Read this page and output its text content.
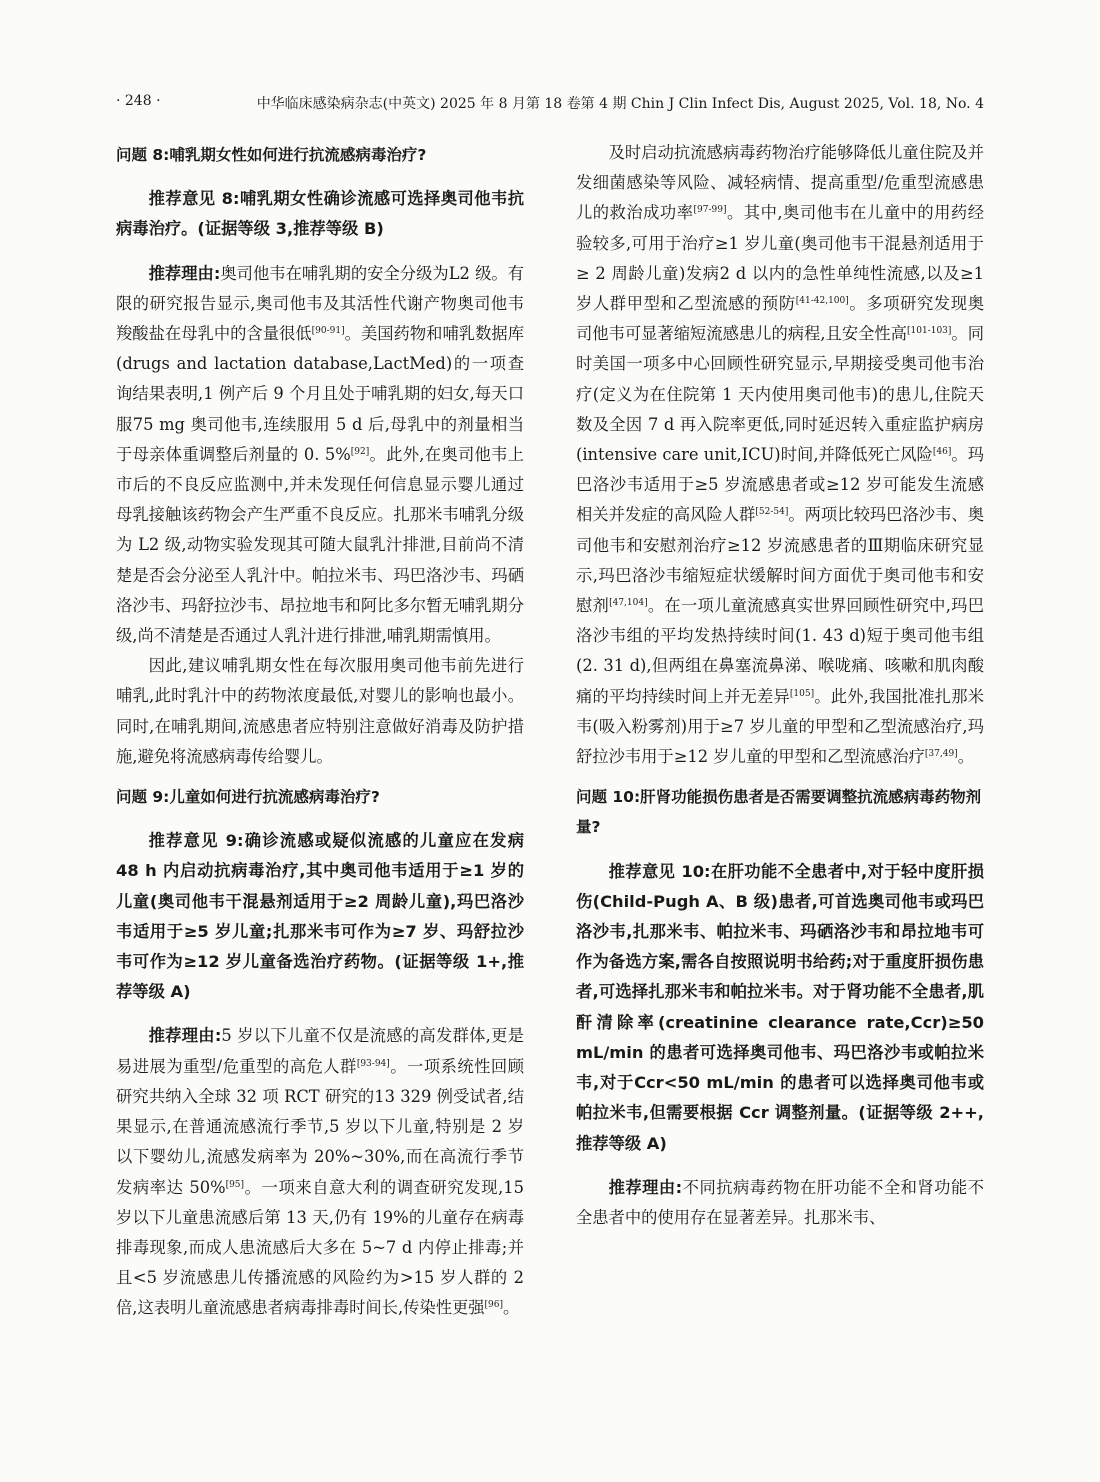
· 248 ·	中华临床感染病杂志(中英文) 2025 年 8 月第 18 卷第 4 期 Chin J Clin Infect Dis, August 2025, Vol. 18, No. 4

问题 8:哺乳期女性如何进行抗流感病毒治疗?

推荐意见 8:哺乳期女性确诊流感可选择奥司他韦抗病毒治疗。(证据等级 3,推荐等级 B)

推荐理由:奥司他韦在哺乳期的安全分级为L2 级。有限的研究报告显示,奥司他韦及其活性代谢产物奥司他韦羧酸盐在母乳中的含量很低[90-91]。美国药物和哺乳数据库(drugs and lactation database,LactMed)的一项查询结果表明,1 例产后 9 个月且处于哺乳期的妇女,每天口服75 mg 奥司他韦,连续服用 5 d 后,母乳中的剂量相当于母亲体重调整后剂量的 0. 5%[92]。此外,在奥司他韦上市后的不良反应监测中,并未发现任何信息显示婴儿通过母乳接触该药物会产生严重不良反应。扎那米韦哺乳分级为 L2 级,动物实验发现其可随大鼠乳汁排泄,目前尚不清楚是否会分泌至人乳汁中。帕拉米韦、玛巴洛沙韦、玛硒洛沙韦、玛舒拉沙韦、昂拉地韦和阿比多尔暂无哺乳期分级,尚不清楚是否通过人乳汁进行排泄,哺乳期需慎用。

因此,建议哺乳期女性在每次服用奥司他韦前先进行哺乳,此时乳汁中的药物浓度最低,对婴儿的影响也最小。同时,在哺乳期间,流感患者应特别注意做好消毒及防护措施,避免将流感病毒传给婴儿。

问题 9:儿童如何进行抗流感病毒治疗?

推荐意见 9:确诊流感或疑似流感的儿童应在发病 48 h 内启动抗病毒治疗,其中奥司他韦适用于≥1 岁的儿童(奥司他韦干混悬剂适用于≥2 周龄儿童),玛巴洛沙韦适用于≥5 岁儿童;扎那米韦可作为≥7 岁、玛舒拉沙韦可作为≥12 岁儿童备选治疗药物。(证据等级 1+,推荐等级 A)

推荐理由:5 岁以下儿童不仅是流感的高发群体,更是易进展为重型/危重型的高危人群[93-94]。一项系统性回顾研究共纳入全球 32 项 RCT 研究的13 329 例受试者,结果显示,在普通流感流行季节,5 岁以下儿童,特别是 2 岁以下婴幼儿,流感发病率为 20%~30%,而在高流行季节发病率达 50%[95]。一项来自意大利的调查研究发现,15 岁以下儿童患流感后第 13 天,仍有 19%的儿童存在病毒排毒现象,而成人患流感后大多在 5~7 d 内停止排毒;并且<5 岁流感患儿传播流感的风险约为>15 岁人群的 2 倍,这表明儿童流感患者病毒排毒时间长,传染性更强[96]。

及时启动抗流感病毒药物治疗能够降低儿童住院及并发细菌感染等风险、减轻病情、提高重型/危重型流感患儿的救治成功率[97-99]。其中,奥司他韦在儿童中的用药经验较多,可用于治疗≥1 岁儿童(奥司他韦干混悬剂适用于≥ 2 周龄儿童)发病2 d 以内的急性单纯性流感,以及≥1 岁人群甲型和乙型流感的预防[41-42,100]。多项研究发现奥司他韦可显著缩短流感患儿的病程,且安全性高[101-103]。同时美国一项多中心回顾性研究显示,早期接受奥司他韦治疗(定义为在住院第 1 天内使用奥司他韦)的患儿,住院天数及全因 7 d 再入院率更低,同时延迟转入重症监护病房(intensive care unit,ICU)时间,并降低死亡风险[46]。玛巴洛沙韦适用于≥5 岁流感患者或≥12 岁可能发生流感相关并发症的高风险人群[52-54]。两项比较玛巴洛沙韦、奥司他韦和安慰剂治疗≥12 岁流感患者的Ⅲ期临床研究显示,玛巴洛沙韦缩短症状缓解时间方面优于奥司他韦和安慰剂[47,104]。在一项儿童流感真实世界回顾性研究中,玛巴洛沙韦组的平均发热持续时间(1. 43 d)短于奥司他韦组(2. 31 d),但两组在鼻塞流鼻涕、喉咙痛、咳嗽和肌肉酸痛的平均持续时间上并无差异[105]。此外,我国批准扎那米韦(吸入粉雾剂)用于≥7 岁儿童的甲型和乙型流感治疗,玛舒拉沙韦用于≥12 岁儿童的甲型和乙型流感治疗[37,49]。

问题 10:肝肾功能损伤患者是否需要调整抗流感病毒药物剂量?

推荐意见 10:在肝功能不全患者中,对于轻中度肝损伤(Child-Pugh A、B 级)患者,可首选奥司他韦或玛巴洛沙韦,扎那米韦、帕拉米韦、玛硒洛沙韦和昂拉地韦可作为备选方案,需各自按照说明书给药;对于重度肝损伤患者,可选择扎那米韦和帕拉米韦。对于肾功能不全患者,肌酐清除率(creatinine clearance rate,Ccr)≥50 mL/min 的患者可选择奥司他韦、玛巴洛沙韦或帕拉米韦,对于Ccr<50 mL/min 的患者可以选择奥司他韦或帕拉米韦,但需要根据 Ccr 调整剂量。(证据等级 2++,推荐等级 A)

推荐理由:不同抗病毒药物在肝功能不全和肾功能不全患者中的使用存在显著差异。扎那米韦、
